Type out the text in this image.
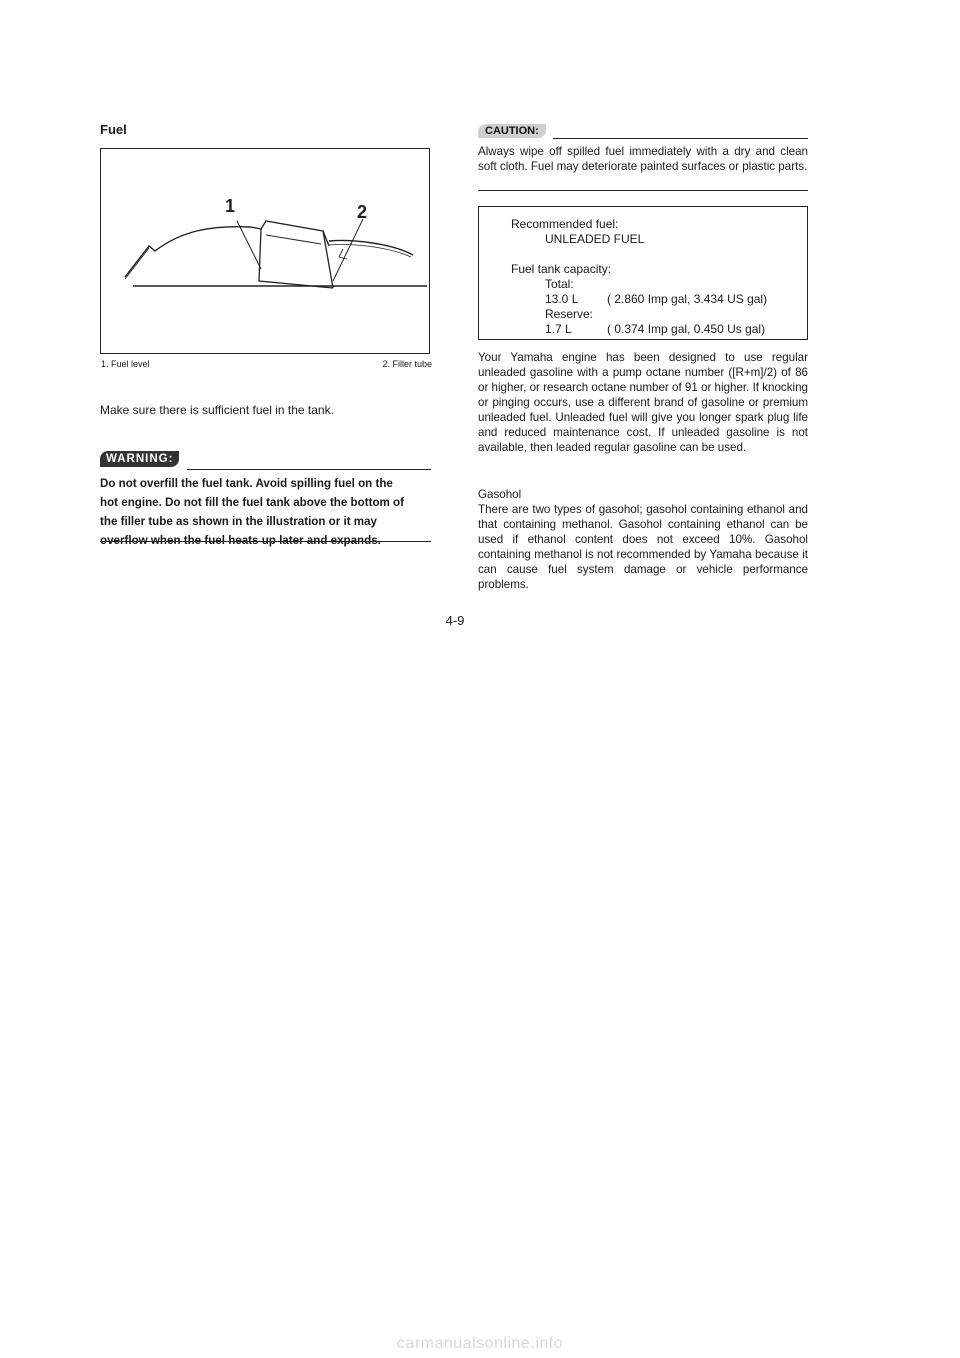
Fuel
1	2
1. Fuel level	2. Filler tube
Make sure there is sufficient fuel in the tank.
WARNING:
Do not overfill the fuel tank. Avoid spilling fuel on the
hot engine. Do not fill the fuel tank above the bottom of
the filler tube as shown in the illustration or it may
overflow when the fuel heats up later and expands.
CAUTION:
Always wipe off spilled fuel immediately with a dry and clean soft cloth. Fuel may deteriorate painted surfaces or plastic parts.
Recommended fuel:
UNLEADED FUEL
Fuel tank capacity:
Total:
13.0 L ( 2.860 Imp gal, 3.434 US gal)
Reserve:
1.7 L	( 0.374 Imp gal, 0.450 Us gal)
Your Yamaha engine has been designed to use regular unleaded gasoline with a pump octane number ([R+m]/2) of 86 or higher, or research octane number of 91 or higher. If knocking or pinging occurs, use a different brand of gasoline or premium unleaded fuel. Unleaded fuel will give you longer spark plug life and reduced maintenance cost. If unleaded gasoline is not available, then leaded regular gasoline can be used.
Gasohol
There are two types of gasohol; gasohol containing ethanol and that containing methanol. Gasohol containing ethanol can be used if ethanol content does not exceed 10%. Gasohol containing methanol is not recommended by Yamaha because it can cause fuel system damage or vehicle performance problems.
4-9
carmanualsonline.info
